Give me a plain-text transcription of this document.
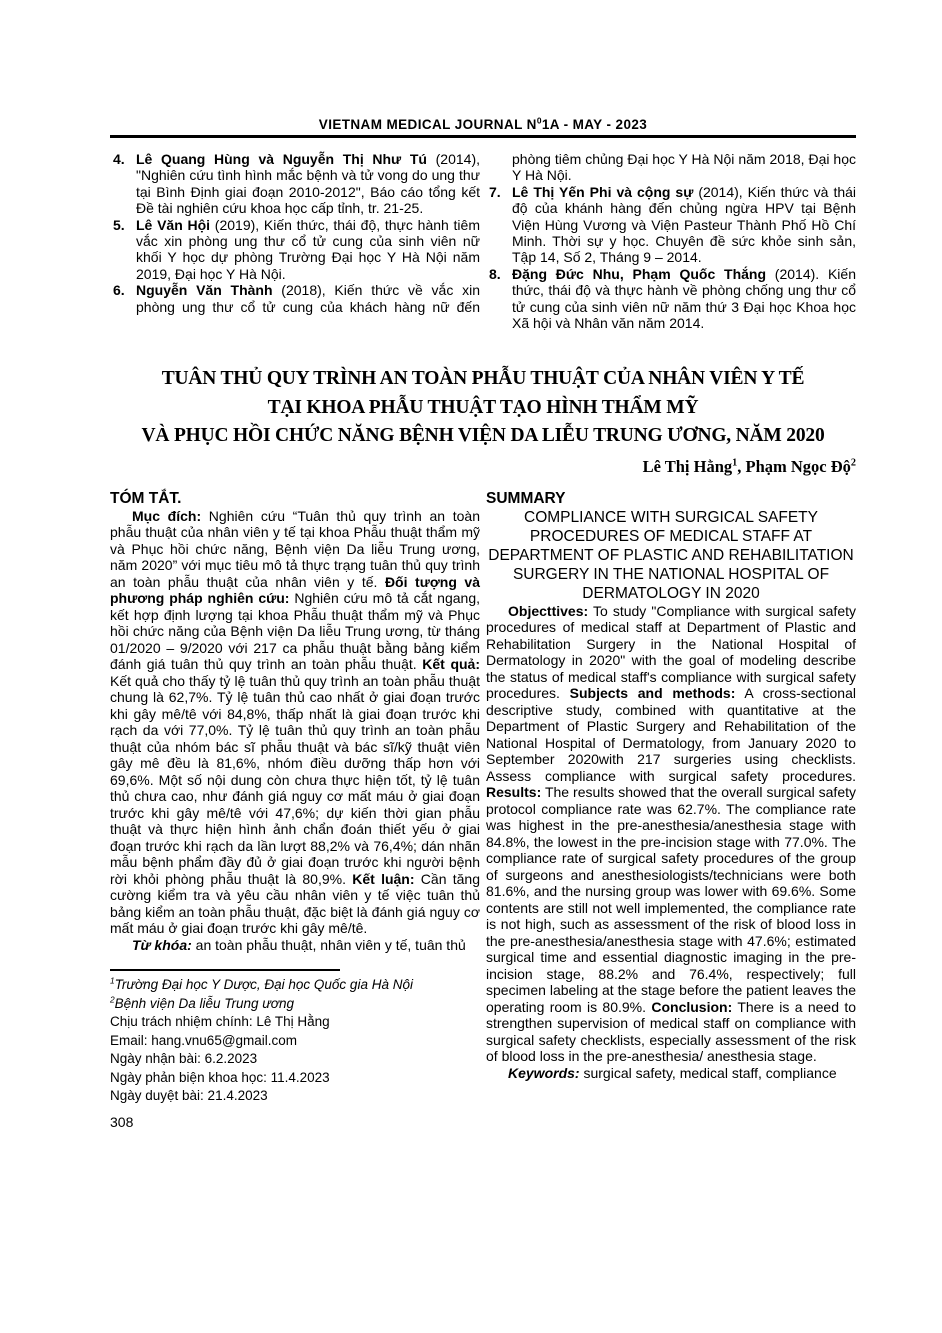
VIETNAM MEDICAL JOURNAL $N^01A$ - MAY - 2023
4. Lê Quang Hùng và Nguyễn Thị Như Tú (2014), "Nghiên cứu tình hình mắc bệnh và tử vong do ung thư tại Bình Định giai đoạn 2010-2012", Báo cáo tổng kết Đề tài nghiên cứu khoa học cấp tỉnh, tr. 21-25.
5. Lê Văn Hội (2019), Kiến thức, thái độ, thực hành tiêm vắc xin phòng ung thư cổ tử cung của sinh viên nữ khối Y học dự phòng Trường Đại học Y Hà Nội năm 2019, Đại học Y Hà Nội.
6. Nguyễn Văn Thành (2018), Kiến thức về vắc xin phòng ung thư cổ tử cung của khách hàng nữ đến phòng tiêm chủng Đại học Y Hà Nội năm 2018, Đại học Y Hà Nội.
7. Lê Thị Yến Phi và cộng sự (2014), Kiến thức và thái độ của khánh hàng đến chủng ngừa HPV tại Bệnh Viện Hùng Vương và Viện Pasteur Thành Phố Hồ Chí Minh. Thời sự y học. Chuyên đề sức khỏe sinh sản, Tập 14, Số 2, Tháng 9 – 2014.
8. Đặng Đức Nhu, Phạm Quốc Thắng (2014). Kiến thức, thái độ và thực hành về phòng chống ung thư cổ tử cung của sinh viên nữ năm thứ 3 Đại học Khoa học Xã hội và Nhân văn năm 2014.
TUÂN THỦ QUY TRÌNH AN TOÀN PHẪU THUẬT CỦA NHÂN VIÊN Y TẾ
TẠI KHOA PHẪU THUẬT TẠO HÌNH THẨM MỸ
VÀ PHỤC HỒI CHỨC NĂNG BỆNH VIỆN DA LIỄU TRUNG ƯƠNG, NĂM 2020
Lê Thị Hằng$^1$, Phạm Ngọc Độ$^2$
TÓM TẮT.

Mục đích: Nghiên cứu “Tuân thủ quy trình an toàn phẫu thuật của nhân viên y tế tại khoa Phẫu thuật thẩm mỹ và Phục hồi chức năng, Bệnh viện Da liễu Trung ương, năm 2020” với mục tiêu mô tả thực trạng tuân thủ quy trình an toàn phẫu thuật của nhân viên y tế. Đối tượng và phương pháp nghiên cứu: Nghiên cứu mô tả cắt ngang, kết hợp định lượng tại khoa Phẫu thuật thẩm mỹ và Phục hồi chức năng của Bệnh viện Da liễu Trung ương, từ tháng 01/2020 – 9/2020 với 217 ca phẫu thuật bằng bảng kiểm đánh giá tuân thủ quy trình an toàn phẫu thuật. Kết quả: Kết quả cho thấy tỷ lệ tuân thủ quy trình an toàn phẫu thuật chung là 62,7%. Tỷ lệ tuân thủ cao nhất ở giai đoạn trước khi gây mê/tê với 84,8%, thấp nhất là giai đoạn trước khi rạch da với 77,0%. Tỷ lệ tuân thủ quy trình an toàn phẫu thuật của nhóm bác sĩ phẫu thuật và bác sĩ/kỹ thuật viên gây mê đều là 81,6%, nhóm điều dưỡng thấp hơn với 69,6%. Một số nội dung còn chưa thực hiện tốt, tỷ lệ tuân thủ chưa cao, như đánh giá nguy cơ mất máu ở giai đoạn trước khi gây mê/tê với 47,6%; dự kiến thời gian phẫu thuật và thực hiện hình ảnh chẩn đoán thiết yếu ở giai đoạn trước khi rạch da lần lượt 88,2% và 76,4%; dán nhãn mẫu bệnh phẩm đầy đủ ở giai đoạn trước khi người bệnh rời khỏi phòng phẫu thuật là 80,9%. Kết luận: Cần tăng cường kiểm tra và yêu cầu nhân viên y tế việc tuân thủ bảng kiểm an toàn phẫu thuật, đặc biệt là đánh giá nguy cơ mất máu ở giai đoạn trước khi gây mê/tê.

Từ khóa: an toàn phẫu thuật, nhân viên y tế, tuân thủ

$^1$Trường Đại học Y Dược, Đại học Quốc gia Hà Nội
$^2$Bệnh viện Da liễu Trung ương
Chịu trách nhiệm chính: Lê Thị Hằng
Email: hang.vnu65@gmail.com
Ngày nhận bài: 6.2.2023
Ngày phản biện khoa học: 11.4.2023
Ngày duyệt bài: 21.4.2023
308
SUMMARY
COMPLIANCE WITH SURGICAL SAFETY PROCEDURES OF MEDICAL STAFF AT DEPARTMENT OF PLASTIC AND REHABILITATION SURGERY IN THE NATIONAL HOSPITAL OF DERMATOLOGY IN 2020

Objecttives: To study "Compliance with surgical safety procedures of medical staff at Department of Plastic and Rehabilitation Surgery in the National Hospital of Dermatology in 2020" with the goal of modeling describe the status of medical staff's compliance with surgical safety procedures. Subjects and methods: A cross-sectional descriptive study, combined with quantitative at the Department of Plastic Surgery and Rehabilitation of the National Hospital of Dermatology, from January 2020 to September 2020with 217 surgeries using checklists. Assess compliance with surgical safety procedures. Results: The results showed that the overall surgical safety protocol compliance rate was 62.7%. The compliance rate was highest in the pre-anesthesia/anesthesia stage with 84.8%, the lowest in the pre-incision stage with 77.0%. The compliance rate of surgical safety procedures of the group of surgeons and anesthesiologists/technicians were both 81.6%, and the nursing group was lower with 69.6%. Some contents are still not well implemented, the compliance rate is not high, such as assessment of the risk of blood loss in the pre-anesthesia/anesthesia stage with 47.6%; estimated surgical time and essential diagnostic imaging in the pre-incision stage, 88.2% and 76.4%, respectively; full specimen labeling at the stage before the patient leaves the operating room is 80.9%. Conclusion: There is a need to strengthen supervision of medical staff on compliance with surgical safety checklists, especially assessment of the risk of blood loss in the pre-anesthesia/ anesthesia stage.

Keywords: surgical safety, medical staff, compliance
